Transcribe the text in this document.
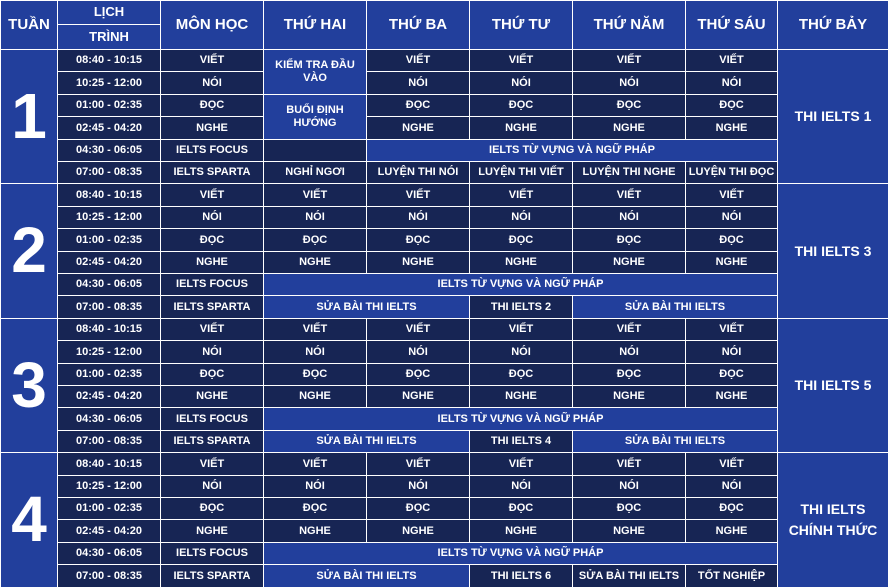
TUẦN	LỊCH	MÔN HỌC	THỨ HAI	THỨ BA	THỨ TƯ	THỨ NĂM	THỨ SÁU	THỨ BẢY
	TRÌNH							
1	08:40 - 10:15	VIẾT	KIỂM TRA ĐẦU VÀO	VIẾT	VIẾT	VIẾT	VIẾT	THI IELTS 1
	10:25 - 12:00	NÓI		NÓI	NÓI	NÓI	NÓI	
	01:00 - 02:35	ĐỌC	BUỔI ĐỊNH HƯỚNG	ĐỌC	ĐỌC	ĐỌC	ĐỌC	
	02:45 - 04:20	NGHE		NGHE	NGHE	NGHE	NGHE	
	04:30 - 06:05	IELTS FOCUS		IELTS TỪ VỰNG VÀ NGỮ PHÁP				
	07:00 - 08:35	IELTS SPARTA	NGHỈ NGƠI	LUYỆN THI NÓI	LUYỆN THI VIẾT	LUYỆN THI NGHE	LUYỆN THI ĐỌC	
2	08:40 - 10:15	VIẾT	VIẾT	VIẾT	VIẾT	VIẾT	VIẾT	THI IELTS 3
	10:25 - 12:00	NÓI	NÓI	NÓI	NÓI	NÓI	NÓI	
	01:00 - 02:35	ĐỌC	ĐỌC	ĐỌC	ĐỌC	ĐỌC	ĐỌC	
	02:45 - 04:20	NGHE	NGHE	NGHE	NGHE	NGHE	NGHE	
	04:30 - 06:05	IELTS FOCUS	IELTS TỪ VỰNG VÀ NGỮ PHÁP					
	07:00 - 08:35	IELTS SPARTA	SỬA BÀI THI IELTS		THI IELTS 2	SỬA BÀI THI IELTS		
3	08:40 - 10:15	VIẾT	VIẾT	VIẾT	VIẾT	VIẾT	VIẾT	THI IELTS 5
	10:25 - 12:00	NÓI	NÓI	NÓI	NÓI	NÓI	NÓI	
	01:00 - 02:35	ĐỌC	ĐỌC	ĐỌC	ĐỌC	ĐỌC	ĐỌC	
	02:45 - 04:20	NGHE	NGHE	NGHE	NGHE	NGHE	NGHE	
	04:30 - 06:05	IELTS FOCUS	IELTS TỪ VỰNG VÀ NGỮ PHÁP					
	07:00 - 08:35	IELTS SPARTA	SỬA BÀI THI IELTS		THI IELTS 4	SỬA BÀI THI IELTS		
4	08:40 - 10:15	VIẾT	VIẾT	VIẾT	VIẾT	VIẾT	VIẾT	THI IELTS CHÍNH THỨC
	10:25 - 12:00	NÓI	NÓI	NÓI	NÓI	NÓI	NÓI	
	01:00 - 02:35	ĐỌC	ĐỌC	ĐỌC	ĐỌC	ĐỌC	ĐỌC	
	02:45 - 04:20	NGHE	NGHE	NGHE	NGHE	NGHE	NGHE	
	04:30 - 06:05	IELTS FOCUS	IELTS TỪ VỰNG VÀ NGỮ PHÁP					
	07:00 - 08:35	IELTS SPARTA	SỬA BÀI THI IELTS		THI IELTS 6	SỬA BÀI THI IELTS	TỐT NGHIỆP	
